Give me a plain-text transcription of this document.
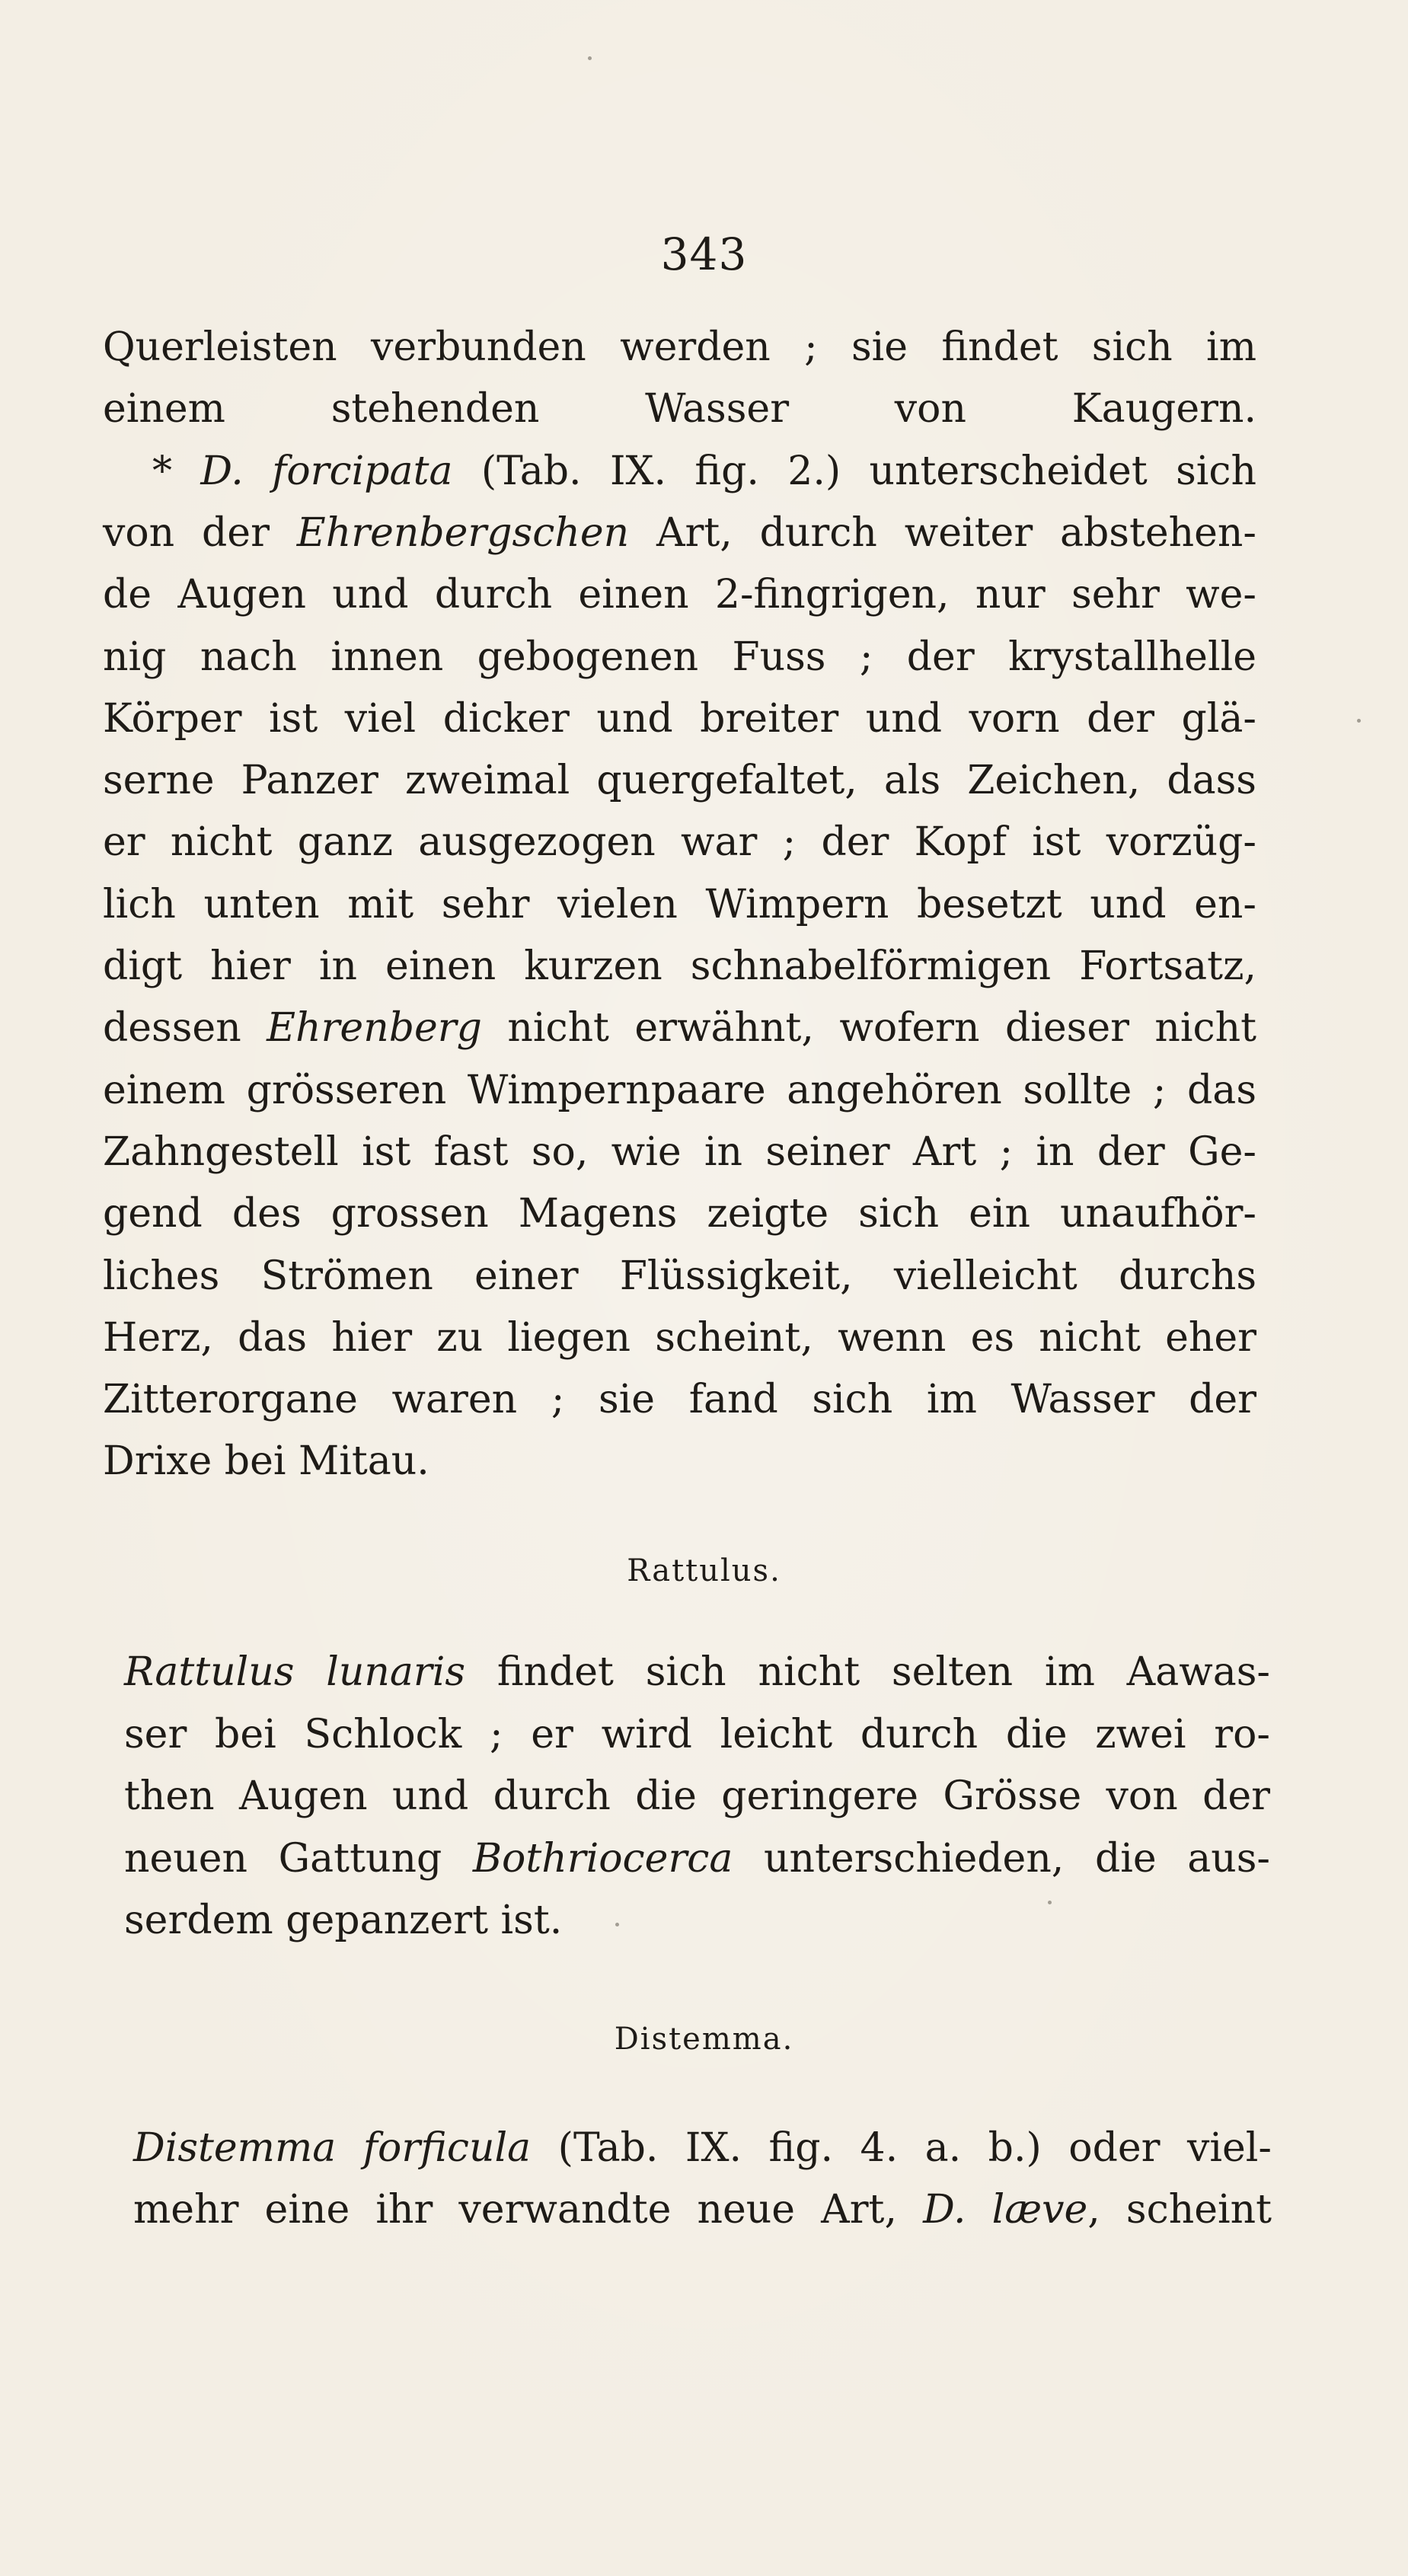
343
Querleisten verbunden werden ; sie findet sich im
einem stehenden Wasser von Kaugern.
* D. forcipata (Tab. IX. fig. 2.) unterscheidet sich
von der Ehrenbergschen Art, durch weiter abstehen-
de Augen und durch einen 2-fingrigen, nur sehr we-
nig nach innen gebogenen Fuss ; der krystallhelle
Körper ist viel dicker und breiter und vorn der glä-
serne Panzer zweimal quergefaltet, als Zeichen, dass
er nicht ganz ausgezogen war ; der Kopf ist vorzüg-
lich unten mit sehr vielen Wimpern besetzt und en-
digt hier in einen kurzen schnabelförmigen Fortsatz,
dessen Ehrenberg nicht erwähnt, wofern dieser nicht
einem grösseren Wimpernpaare angehören sollte ; das
Zahngestell ist fast so, wie in seiner Art ; in der Ge-
gend des grossen Magens zeigte sich ein unaufhör-
liches Strömen einer Flüssigkeit, vielleicht durchs
Herz, das hier zu liegen scheint, wenn es nicht eher
Zitterorgane waren ; sie fand sich im Wasser der
Drixe bei Mitau.
Rattulus.
Rattulus lunaris findet sich nicht selten im Aawas-
ser bei Schlock ; er wird leicht durch die zwei ro-
then Augen und durch die geringere Grösse von der
neuen Gattung Bothriocerca unterschieden, die aus-
serdem gepanzert ist.
Distemma.
Distemma forficula (Tab. IX. fig. 4. a. b.) oder viel-
mehr eine ihr verwandte neue Art, D. læve, scheint
